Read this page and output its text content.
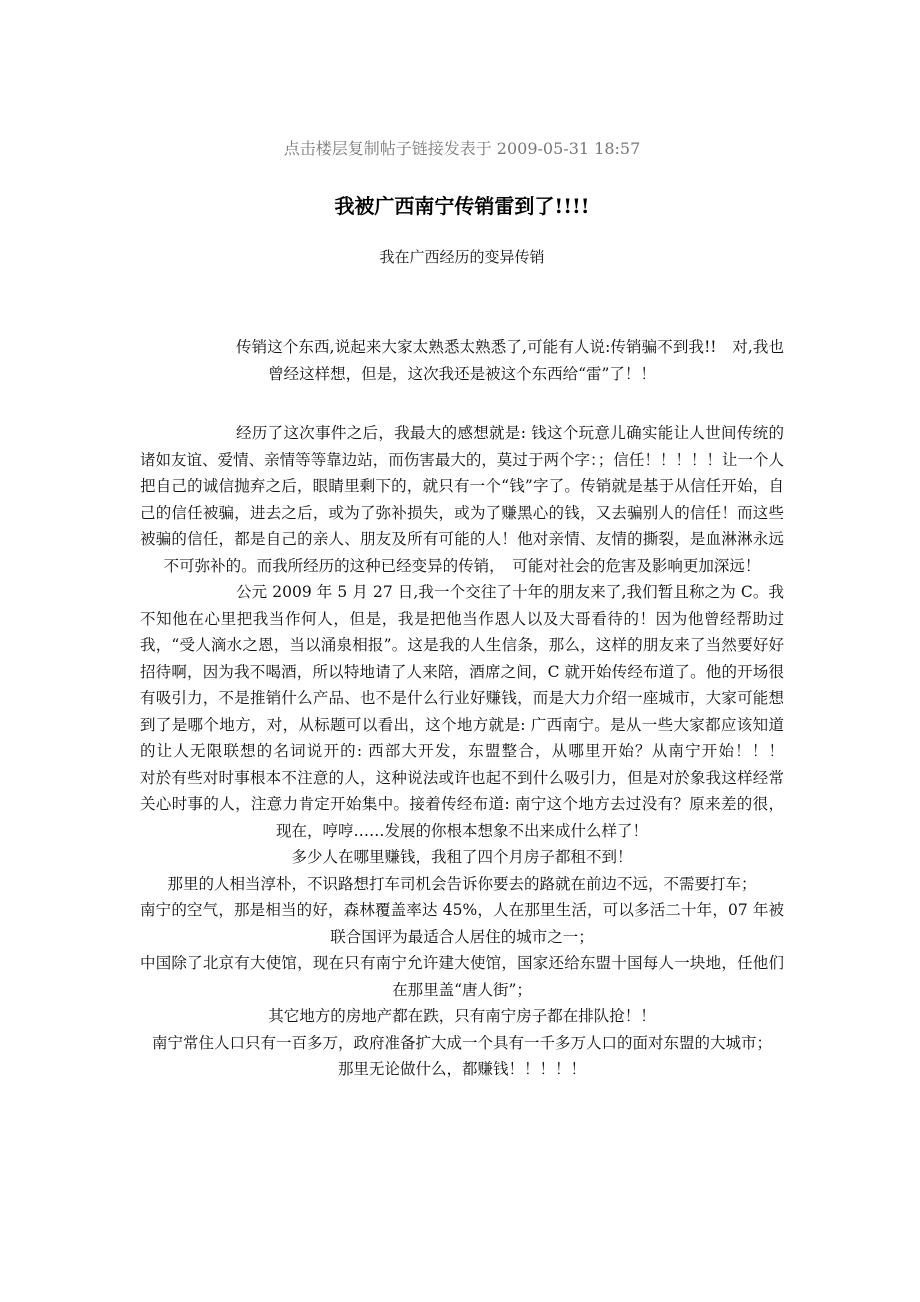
点击楼层复制帖子链接发表于 2009-05-31 18:57
我被广西南宁传销雷到了!!!!
我在广西经历的变异传销

传销这个东西,说起来大家太熟悉太熟悉了,可能有人说:传销骗不到我!!　对,我也曾经这样想，但是，这次我还是被这个东西给“雷”了！！

经历了这次事件之后，我最大的感想就是: 钱这个玩意儿确实能让人世间传统的诸如友谊、爱情、亲情等等靠边站，而伤害最大的，莫过于两个字：；信任！！！！！让一个人把自己的诚信抛弃之后，眼睛里剩下的，就只有一个“钱”字了。传销就是基于从信任开始，自己的信任被骗，进去之后，或为了弥补损失，或为了赚黑心的钱，又去骗别人的信任！而这些被骗的信任，都是自己的亲人、朋友及所有可能的人！他对亲情、友情的撕裂，是血淋淋永远不可弥补的。而我所经历的这种已经变异的传销，　可能对社会的危害及影响更加深远！

公元 2009 年 5 月 27 日,我一个交往了十年的朋友来了,我们暂且称之为 C。我不知他在心里把我当作何人，但是，我是把他当作恩人以及大哥看待的！因为他曾经帮助过我，“受人滴水之恩，当以涌泉相报”。这是我的人生信条，那么，这样的朋友来了当然要好好招待啊，因为我不喝酒，所以特地请了人来陪，酒席之间，C 就开始传经布道了。他的开场很有吸引力，不是推销什么产品、也不是什么行业好赚钱，而是大力介绍一座城市，大家可能想到了是哪个地方，对，从标题可以看出，这个地方就是: 广西南宁。是从一些大家都应该知道的让人无限联想的名词说开的: 西部大开发，东盟整合，从哪里开始？从南宁开始！！！　　对於有些对时事根本不注意的人，这种说法或许也起不到什么吸引力，但是对於象我这样经常关心时事的人，注意力肯定开始集中。接着传经布道: 南宁这个地方去过没有？原来差的很，现在，哼哼……发展的你根本想象不出来成什么样了！

多少人在哪里赚钱，我租了四个月房子都租不到！

那里的人相当淳朴，不识路想打车司机会告诉你要去的路就在前边不远，不需要打车；

南宁的空气，那是相当的好，森林覆盖率达 45%，人在那里生活，可以多活二十年，07 年被联合国评为最适合人居住的城市之一；

中国除了北京有大使馆，现在只有南宁允许建大使馆，国家还给东盟十国每人一块地，任他们在那里盖“唐人街”；

其它地方的房地产都在跌，只有南宁房子都在排队抢！！

南宁常住人口只有一百多万，政府准备扩大成一个具有一千多万人口的面对东盟的大城市；

那里无论做什么，都赚钱！！！！！
